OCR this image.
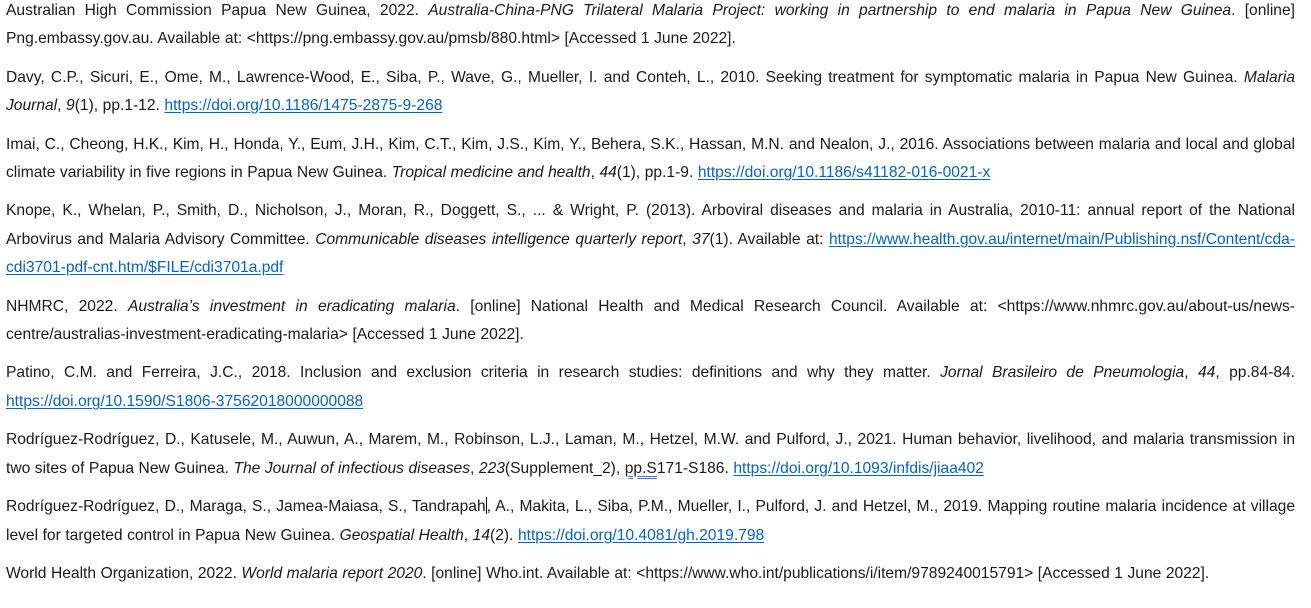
Australian High Commission Papua New Guinea, 2022. Australia-China-PNG Trilateral Malaria Project: working in partnership to end malaria in Papua New Guinea. [online] Png.embassy.gov.au. Available at: <https://png.embassy.gov.au/pmsb/880.html> [Accessed 1 June 2022].

Davy, C.P., Sicuri, E., Ome, M., Lawrence-Wood, E., Siba, P., Wave, G., Mueller, I. and Conteh, L., 2010. Seeking treatment for symptomatic malaria in Papua New Guinea. Malaria Journal, 9(1), pp.1-12. https://doi.org/10.1186/1475-2875-9-268

Imai, C., Cheong, H.K., Kim, H., Honda, Y., Eum, J.H., Kim, C.T., Kim, J.S., Kim, Y., Behera, S.K., Hassan, M.N. and Nealon, J., 2016. Associations between malaria and local and global climate variability in five regions in Papua New Guinea. Tropical medicine and health, 44(1), pp.1-9. https://doi.org/10.1186/s41182-016-0021-x

Knope, K., Whelan, P., Smith, D., Nicholson, J., Moran, R., Doggett, S., ... & Wright, P. (2013). Arboviral diseases and malaria in Australia, 2010-11: annual report of the National Arbovirus and Malaria Advisory Committee. Communicable diseases intelligence quarterly report, 37(1). Available at: https://www.health.gov.au/internet/main/Publishing.nsf/Content/cda-cdi3701-pdf-cnt.htm/$FILE/cdi3701a.pdf

NHMRC, 2022. Australia’s investment in eradicating malaria. [online] National Health and Medical Research Council. Available at: <https://www.nhmrc.gov.au/about-us/news-centre/australias-investment-eradicating-malaria> [Accessed 1 June 2022].

Patino, C.M. and Ferreira, J.C., 2018. Inclusion and exclusion criteria in research studies: definitions and why they matter. Jornal Brasileiro de Pneumologia, 44, pp.84-84. https://doi.org/10.1590/S1806-37562018000000088

Rodríguez-Rodríguez, D., Katusele, M., Auwun, A., Marem, M., Robinson, L.J., Laman, M., Hetzel, M.W. and Pulford, J., 2021. Human behavior, livelihood, and malaria transmission in two sites of Papua New Guinea. The Journal of infectious diseases, 223(Supplement_2), pp.S171-S186. https://doi.org/10.1093/infdis/jiaa402

Rodríguez-Rodríguez, D., Maraga, S., Jamea-Maiasa, S., Tandrapah, A., Makita, L., Siba, P.M., Mueller, I., Pulford, J. and Hetzel, M., 2019. Mapping routine malaria incidence at village level for targeted control in Papua New Guinea. Geospatial Health, 14(2). https://doi.org/10.4081/gh.2019.798

World Health Organization, 2022. World malaria report 2020. [online] Who.int. Available at: <https://www.who.int/publications/i/item/9789240015791> [Accessed 1 June 2022].
